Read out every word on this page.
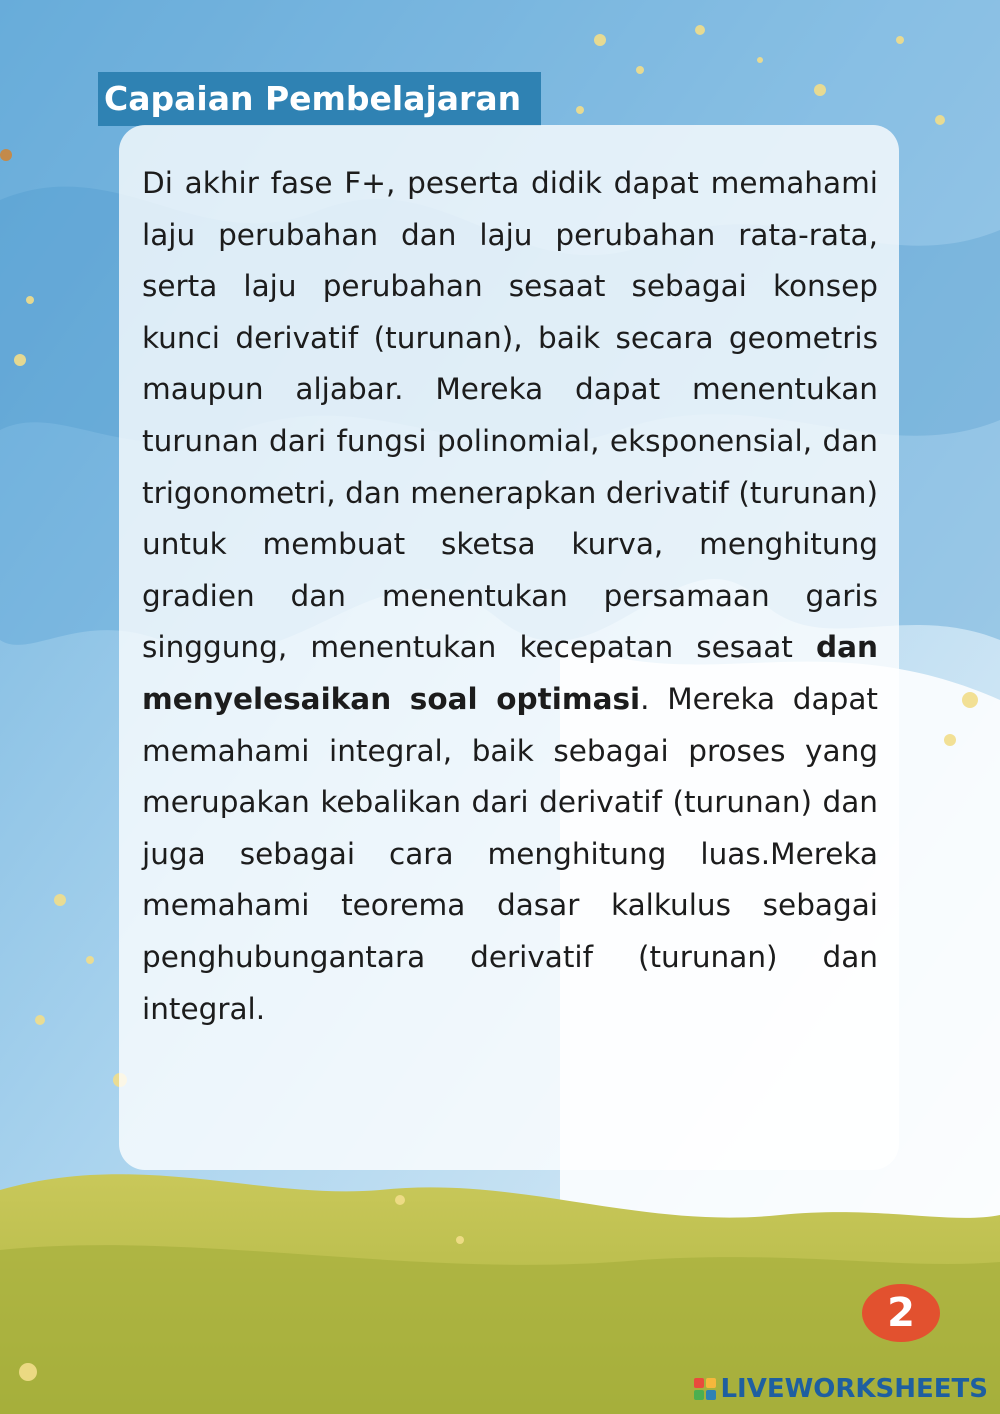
Capaian Pembelajaran

Di akhir fase F+, peserta didik dapat memahami laju perubahan dan laju perubahan rata-rata, serta laju perubahan sesaat sebagai konsep kunci derivatif (turunan), baik secara geometris maupun aljabar. Mereka dapat menentukan turunan dari fungsi polinomial, eksponensial, dan trigonometri, dan menerapkan derivatif (turunan) untuk membuat sketsa kurva, menghitung gradien dan menentukan persamaan garis singgung, menentukan kecepatan sesaat dan menyelesaikan soal optimasi. Mereka dapat memahami integral, baik sebagai proses yang merupakan kebalikan dari derivatif (turunan) dan juga sebagai cara menghitung luas.Mereka memahami teorema dasar kalkulus sebagai penghubungantara derivatif (turunan) dan integral.

2
LIVEWORKSHEETS
